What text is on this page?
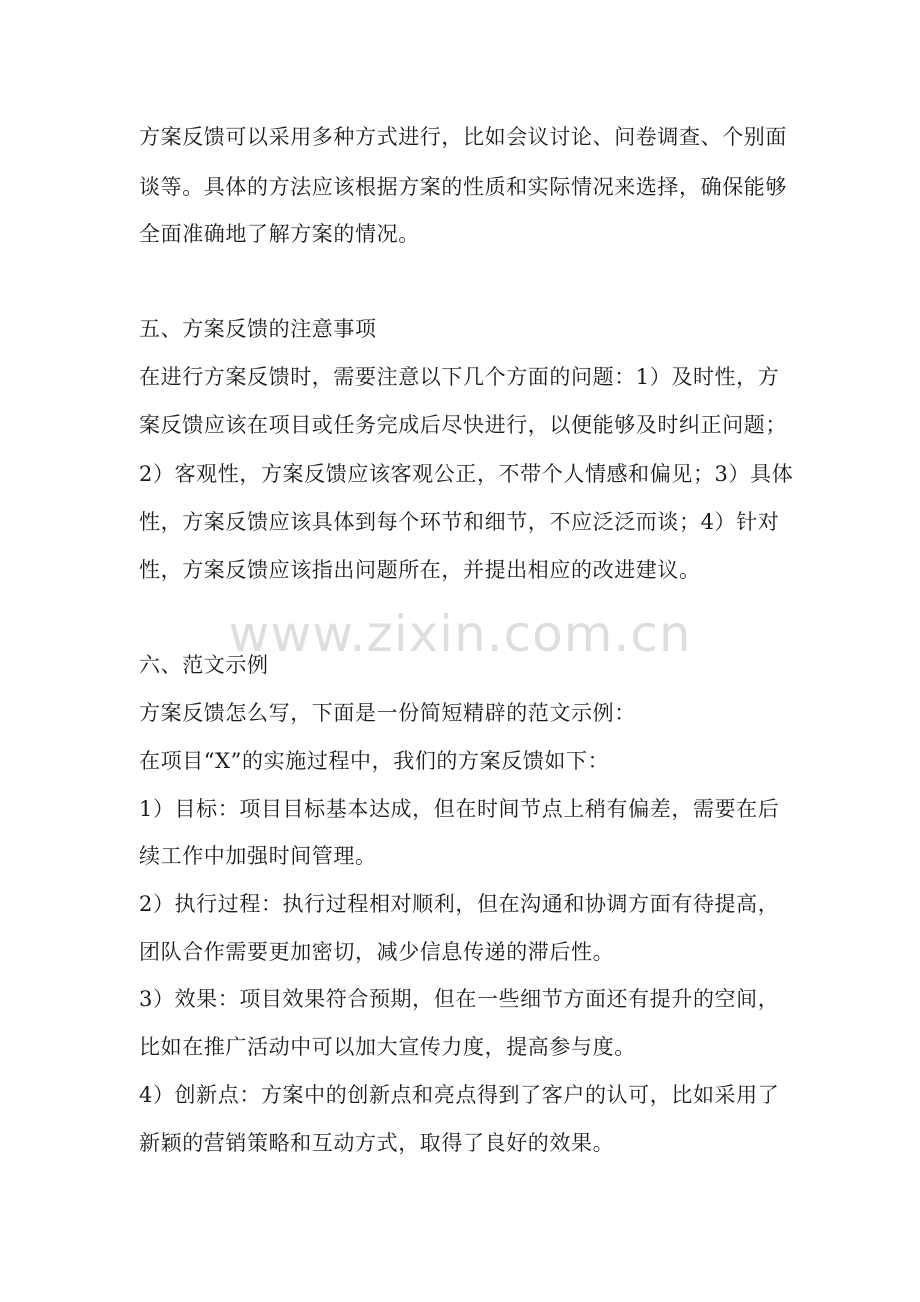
方案反馈可以采用多种方式进行，比如会议讨论、问卷调查、个别面
谈等。具体的方法应该根据方案的性质和实际情况来选择，确保能够
全面准确地了解方案的情况。
五、方案反馈的注意事项
在进行方案反馈时，需要注意以下几个方面的问题：1）及时性，方
案反馈应该在项目或任务完成后尽快进行，以便能够及时纠正问题；
2）客观性，方案反馈应该客观公正，不带个人情感和偏见；3）具体
性，方案反馈应该具体到每个环节和细节，不应泛泛而谈；4）针对
性，方案反馈应该指出问题所在，并提出相应的改进建议。
六、范文示例
方案反馈怎么写，下面是一份简短精辟的范文示例：
在项目“X”的实施过程中，我们的方案反馈如下：
1）目标：项目目标基本达成，但在时间节点上稍有偏差，需要在后
续工作中加强时间管理。
2）执行过程：执行过程相对顺利，但在沟通和协调方面有待提高，
团队合作需要更加密切，减少信息传递的滞后性。
3）效果：项目效果符合预期，但在一些细节方面还有提升的空间，
比如在推广活动中可以加大宣传力度，提高参与度。
4）创新点：方案中的创新点和亮点得到了客户的认可，比如采用了
新颖的营销策略和互动方式，取得了良好的效果。
www.zixin.com.cn
